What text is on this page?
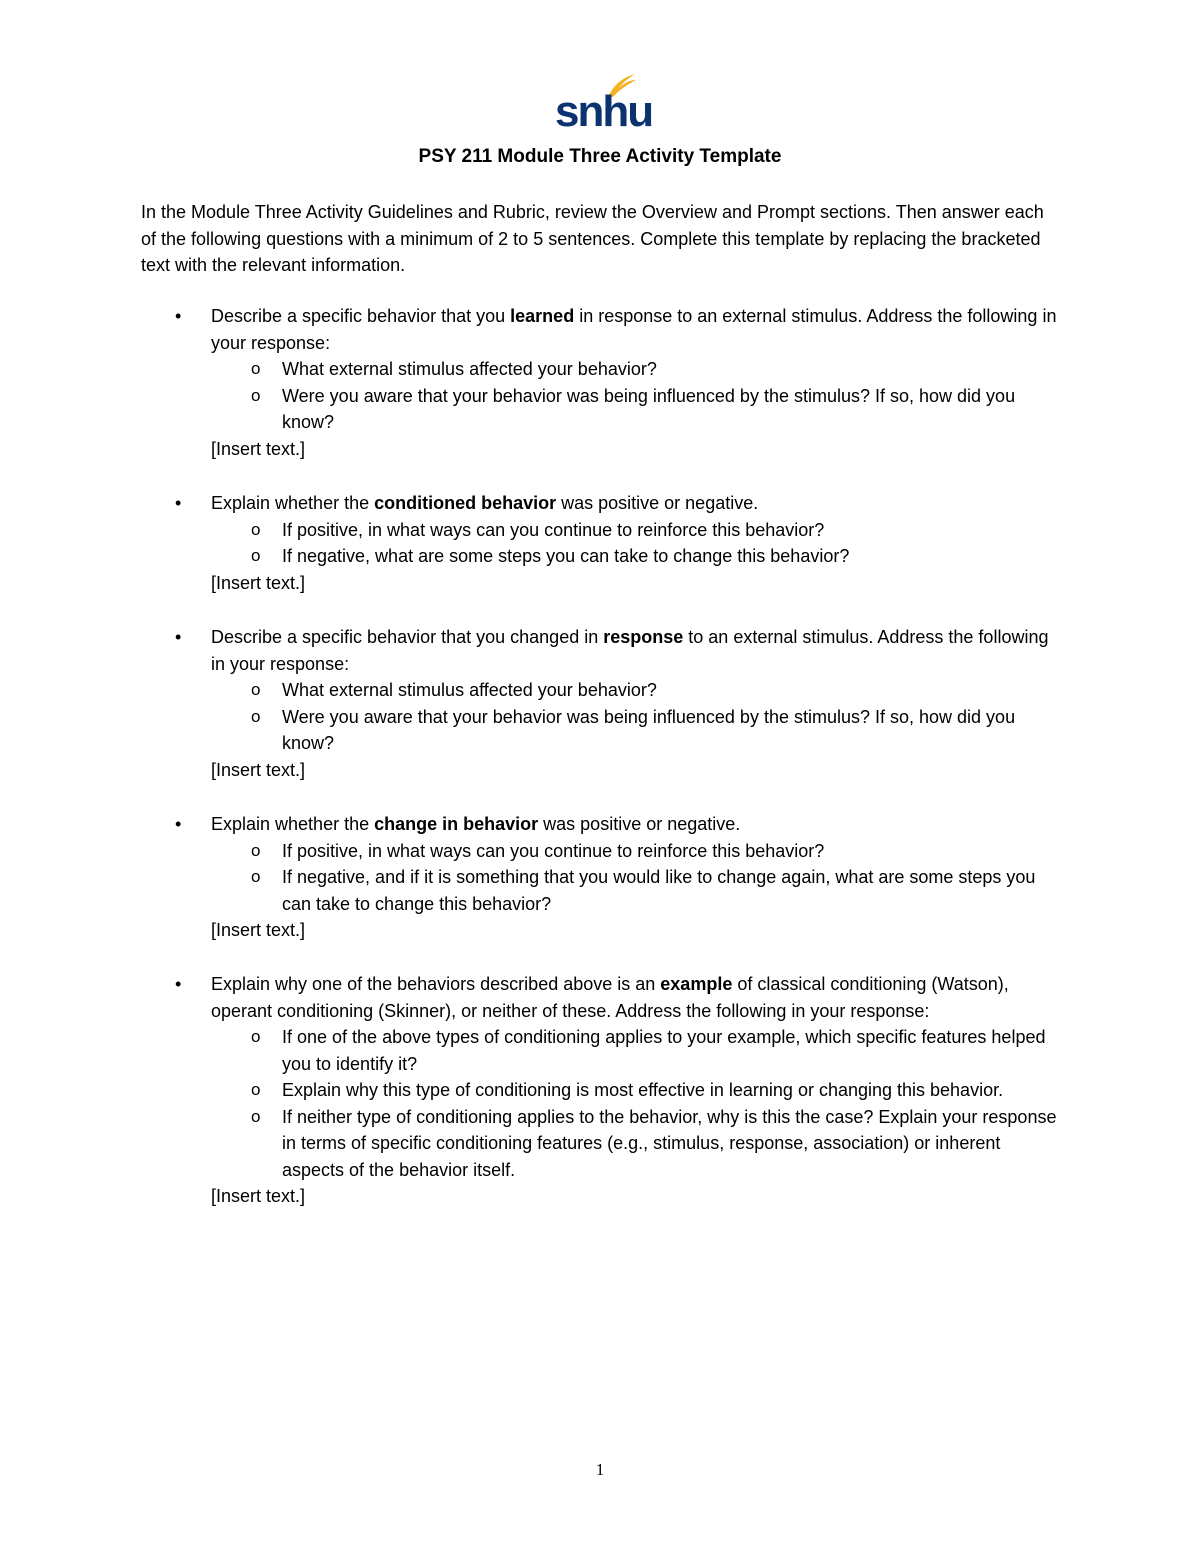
snhu
PSY 211 Module Three Activity Template

In the Module Three Activity Guidelines and Rubric, review the Overview and Prompt sections. Then answer each of the following questions with a minimum of 2 to 5 sentences. Complete this template by replacing the bracketed text with the relevant information.

•	Describe a specific behavior that you learned in response to an external stimulus. Address the following in your response:
o What external stimulus affected your behavior?
o Were you aware that your behavior was being influenced by the stimulus? If so, how did you know?
[Insert text.]
•	Explain whether the conditioned behavior was positive or negative.
o If positive, in what ways can you continue to reinforce this behavior?
o If negative, what are some steps you can take to change this behavior?
[Insert text.]
•	Describe a specific behavior that you changed in response to an external stimulus. Address the following in your response:
o What external stimulus affected your behavior?
o Were you aware that your behavior was being influenced by the stimulus? If so, how did you know?
[Insert text.]
•	Explain whether the change in behavior was positive or negative.
o If positive, in what ways can you continue to reinforce this behavior?
o If negative, and if it is something that you would like to change again, what are some steps you can take to change this behavior?
[Insert text.]
•	Explain why one of the behaviors described above is an example of classical conditioning (Watson), operant conditioning (Skinner), or neither of these. Address the following in your response:
o If one of the above types of conditioning applies to your example, which specific features helped you to identify it?
o Explain why this type of conditioning is most effective in learning or changing this behavior.
o If neither type of conditioning applies to the behavior, why is this the case? Explain your response in terms of specific conditioning features (e.g., stimulus, response, association) or inherent aspects of the behavior itself.
[Insert text.]
1
